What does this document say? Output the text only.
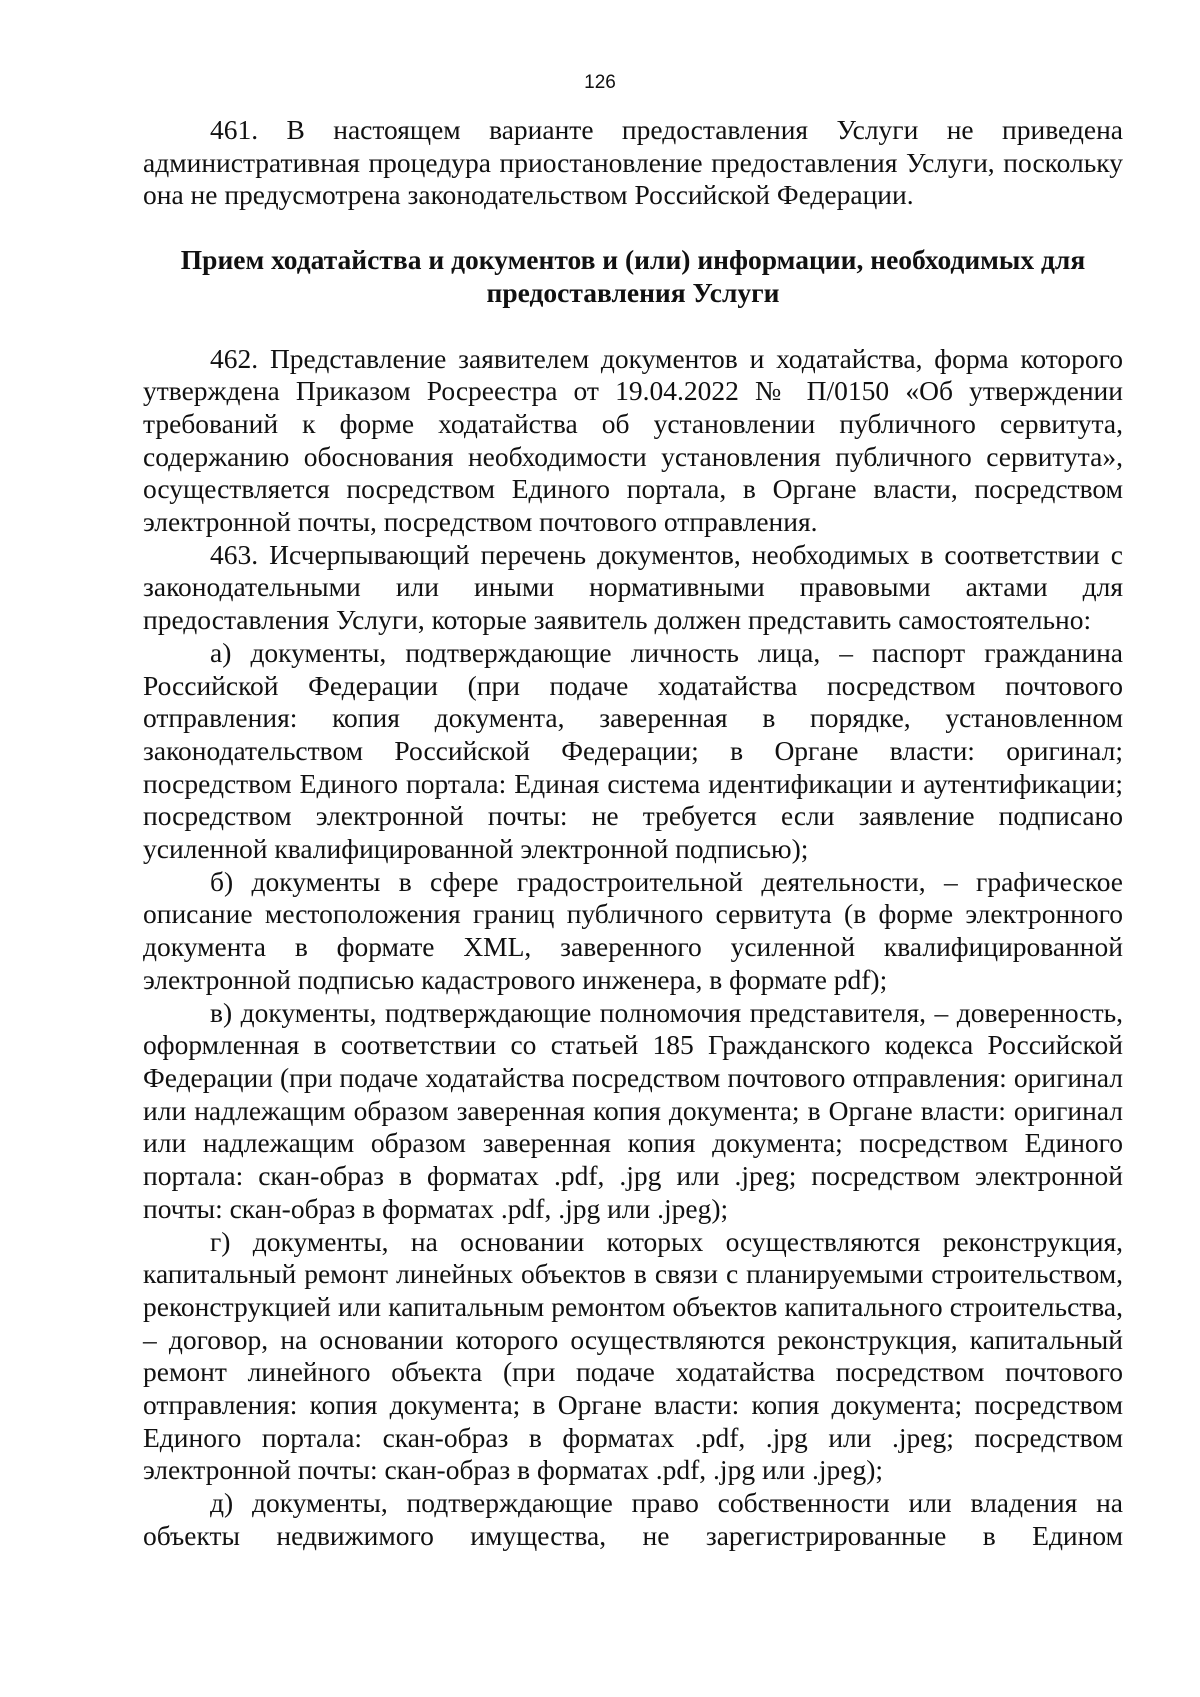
126

461. В настоящем варианте предоставления Услуги не приведена административная процедура приостановление предоставления Услуги, поскольку она не предусмотрена законодательством Российской Федерации.

Прием ходатайства и документов и (или) информации, необходимых для предоставления Услуги

462. Представление заявителем документов и ходатайства, форма которого утверждена Приказом Росреестра от 19.04.2022 № П/0150 «Об утверждении требований к форме ходатайства об установлении публичного сервитута, содержанию обоснования необходимости установления публичного сервитута», осуществляется посредством Единого портала, в Органе власти, посредством электронной почты, посредством почтового отправления.

463. Исчерпывающий перечень документов, необходимых в соответствии с законодательными или иными нормативными правовыми актами для предоставления Услуги, которые заявитель должен представить самостоятельно:

а) документы, подтверждающие личность лица, – паспорт гражданина Российской Федерации (при подаче ходатайства посредством почтового отправления: копия документа, заверенная в порядке, установленном законодательством Российской Федерации; в Органе власти: оригинал; посредством Единого портала: Единая система идентификации и аутентификации; посредством электронной почты: не требуется если заявление подписано усиленной квалифицированной электронной подписью);

б) документы в сфере градостроительной деятельности, – графическое описание местоположения границ публичного сервитута (в форме электронного документа в формате XML, заверенного усиленной квалифицированной электронной подписью кадастрового инженера, в формате pdf);

в) документы, подтверждающие полномочия представителя, – доверенность, оформленная в соответствии со статьей 185 Гражданского кодекса Российской Федерации (при подаче ходатайства посредством почтового отправления: оригинал или надлежащим образом заверенная копия документа; в Органе власти: оригинал или надлежащим образом заверенная копия документа; посредством Единого портала: скан-образ в форматах .pdf, .jpg или .jpeg; посредством электронной почты: скан-образ в форматах .pdf, .jpg или .jpeg);

г) документы, на основании которых осуществляются реконструкция, капитальный ремонт линейных объектов в связи с планируемыми строительством, реконструкцией или капитальным ремонтом объектов капитального строительства, – договор, на основании которого осуществляются реконструкция, капитальный ремонт линейного объекта (при подаче ходатайства посредством почтового отправления: копия документа; в Органе власти: копия документа; посредством Единого портала: скан-образ в форматах .pdf, .jpg или .jpeg; посредством электронной почты: скан-образ в форматах .pdf, .jpg или .jpeg);

д) документы, подтверждающие право собственности или владения на объекты недвижимого имущества, не зарегистрированные в Едином
